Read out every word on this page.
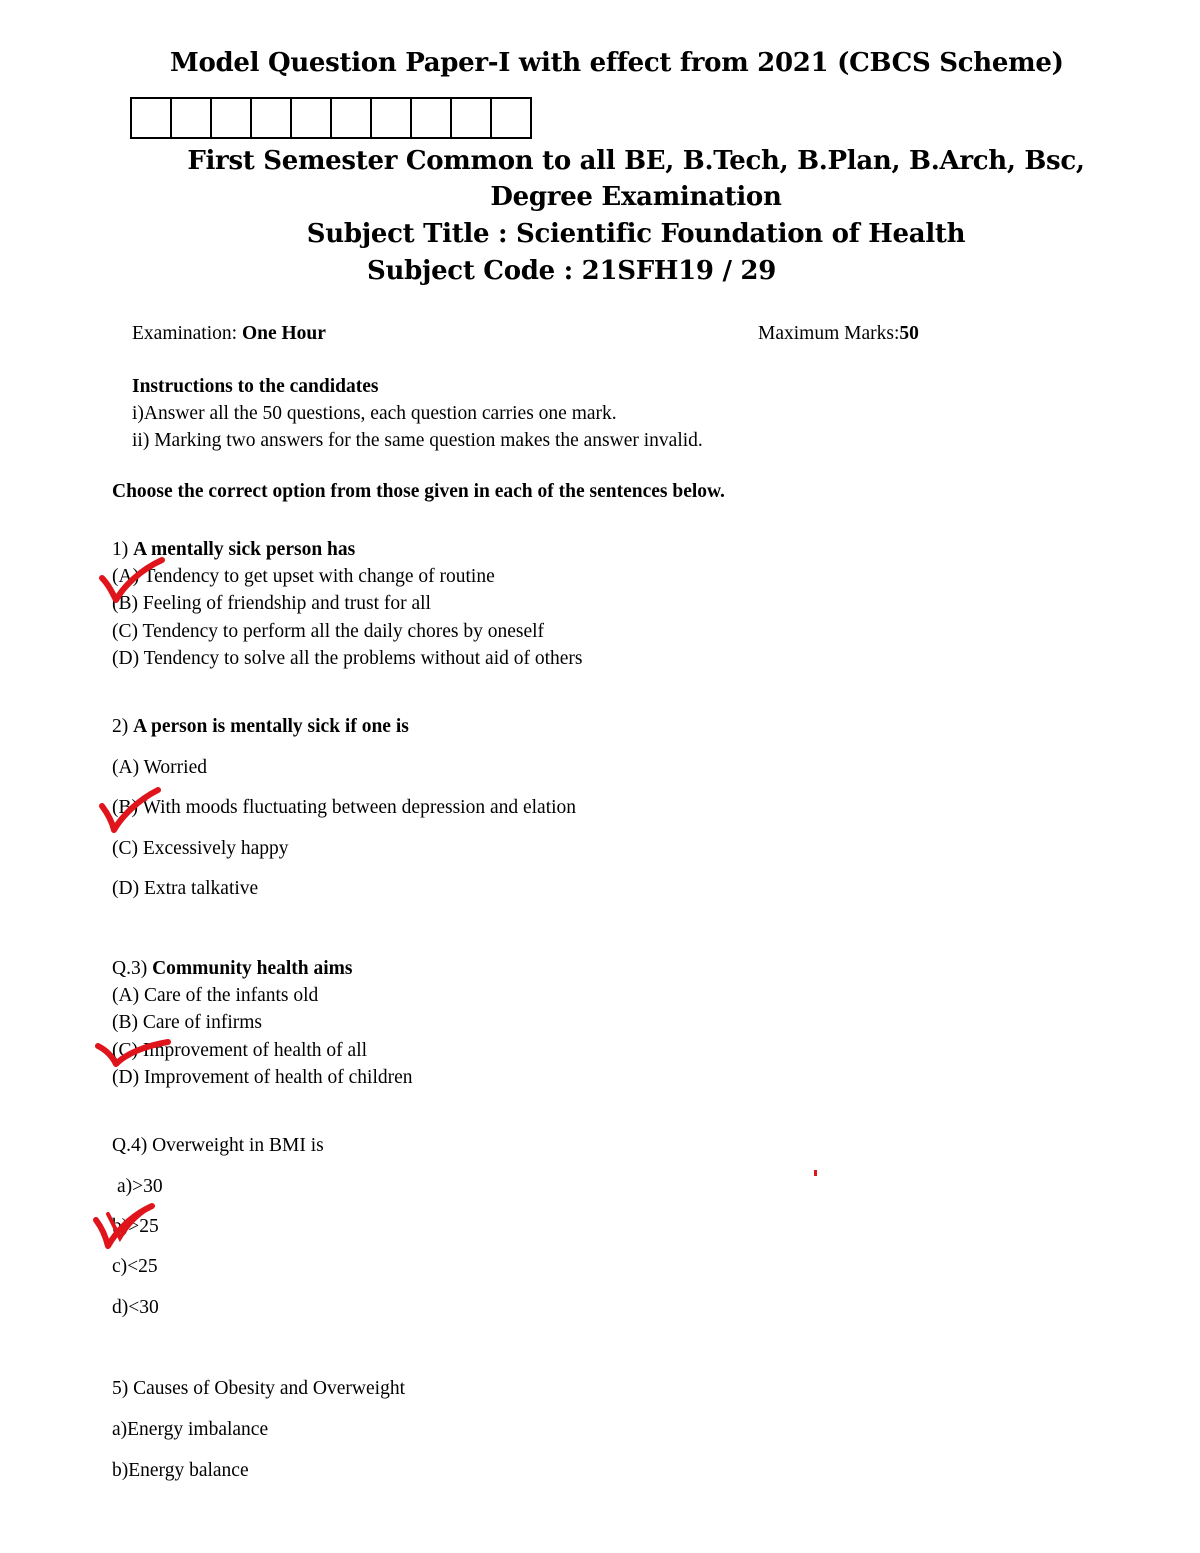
Model Question Paper-I with effect from 2021 (CBCS Scheme)
First Semester Common to all BE, B.Tech, B.Plan, B.Arch, Bsc,
Degree Examination
Subject Title : Scientific Foundation of Health
Subject Code : 21SFH19 / 29
Examination: One Hour	Maximum Marks:50
Instructions to the candidates
i)Answer all the 50 questions, each question carries one mark.
ii) Marking two answers for the same question makes the answer invalid.
Choose the correct option from those given in each of the sentences below.
1) A mentally sick person has
(A) Tendency to get upset with change of routine
(B) Feeling of friendship and trust for all
(C) Tendency to perform all the daily chores by oneself
(D) Tendency to solve all the problems without aid of others
2) A person is mentally sick if one is
(A) Worried
(B) With moods fluctuating between depression and elation
(C) Excessively happy
(D) Extra talkative
Q.3) Community health aims
(A) Care of the infants old
(B) Care of infirms
(C) Improvement of health of all
(D) Improvement of health of children
Q.4) Overweight in BMI is
a)>30
b)>25
c)<25
d)<30
5) Causes of Obesity and Overweight
a)Energy imbalance
b)Energy balance
